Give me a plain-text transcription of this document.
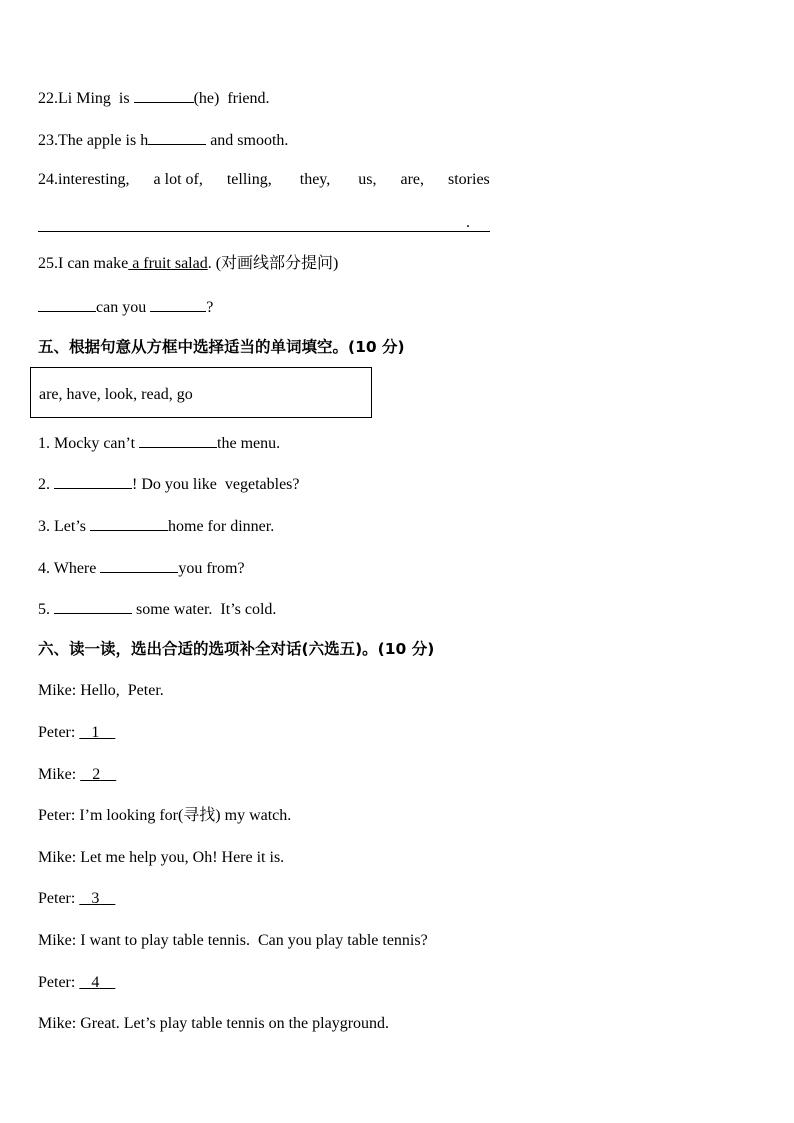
22.Li Ming  is	(he)  friend.
23.The apple is h	and smooth.
24.interesting,      a lot of,      telling,       they,       us,      are,      stories
.
25.I can make a fruit salad. (对画线部分提问)
can you	?
五、根据句意从方框中选择适当的单词填空。(10 分)
are, have, look, read, go
1. Mocky can’t	the menu.
2.	! Do you like  vegetables?
3. Let’s	home for dinner.
4. Where	you from?
5.	some water.  It’s cold.
六、读一读，选出合适的选项补全对话(六选五)。(10 分)
Mike: Hello,  Peter.
Peter: 1
Mike: 2
Peter: I’m looking for(寻找) my watch.
Mike: Let me help you, Oh! Here it is.
Peter: 3
Mike: I want to play table tennis.  Can you play table tennis?
Peter: 4
Mike: Great. Let’s play table tennis on the playground.
